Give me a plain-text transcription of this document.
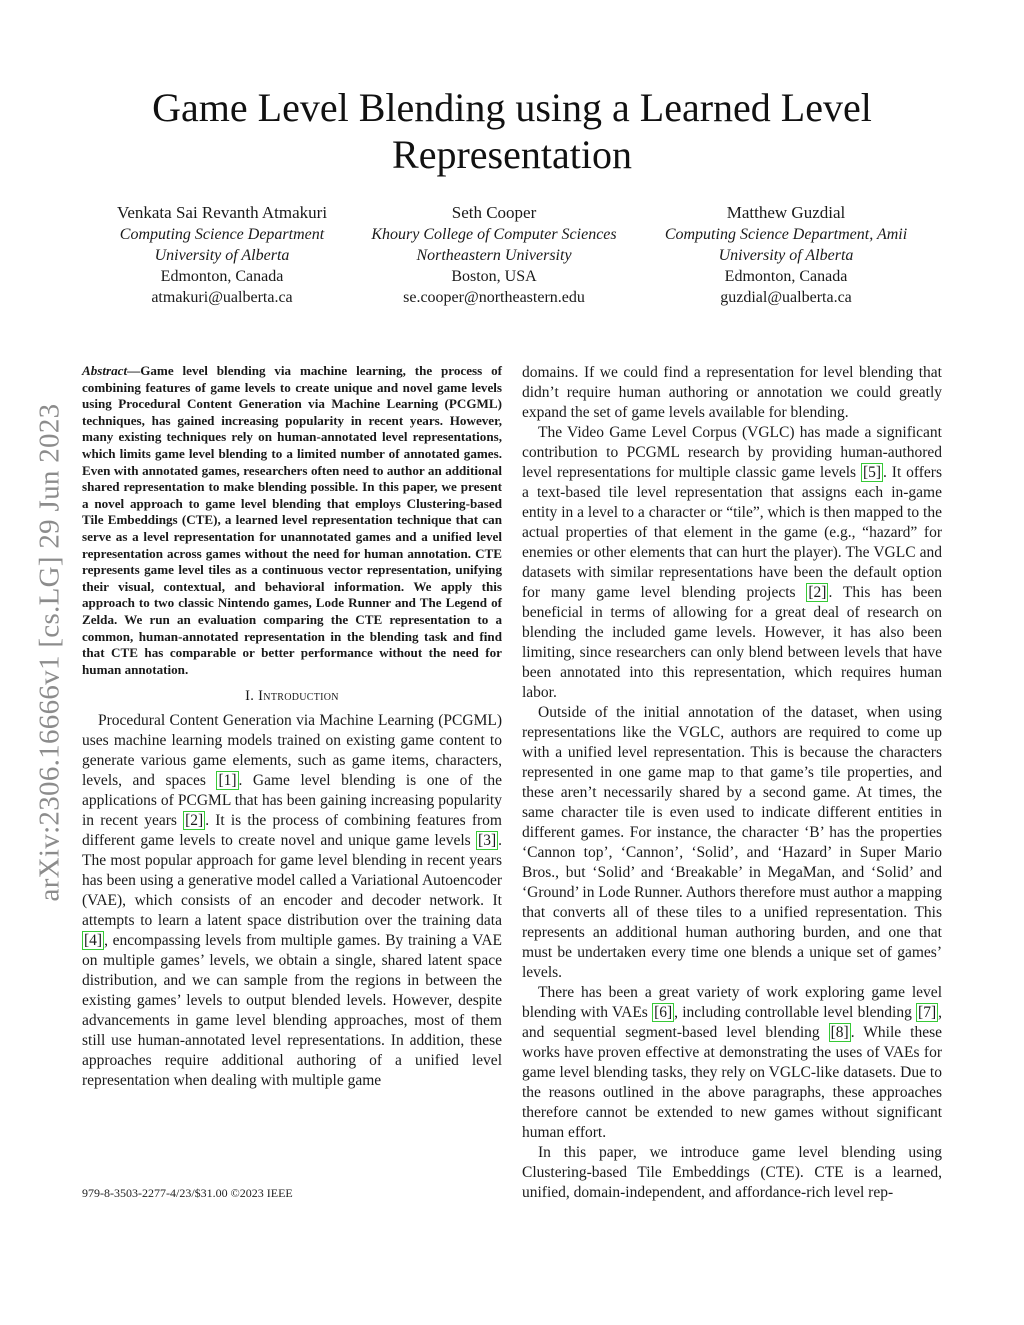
arXiv:2306.16666v1 [cs.LG] 29 Jun 2023
Game Level Blending using a Learned Level Representation
Venkata Sai Revanth Atmakuri
Computing Science Department
University of Alberta
Edmonton, Canada
atmakuri@ualberta.ca
Seth Cooper
Khoury College of Computer Sciences
Northeastern University
Boston, USA
se.cooper@northeastern.edu
Matthew Guzdial
Computing Science Department, Amii
University of Alberta
Edmonton, Canada
guzdial@ualberta.ca

Abstract—Game level blending via machine learning, the process of combining features of game levels to create unique and novel game levels using Procedural Content Generation via Machine Learning (PCGML) techniques, has gained increasing popularity in recent years. However, many existing techniques rely on human-annotated level representations, which limits game level blending to a limited number of annotated games. Even with annotated games, researchers often need to author an additional shared representation to make blending possible. In this paper, we present a novel approach to game level blending that employs Clustering-based Tile Embeddings (CTE), a learned level representation technique that can serve as a level representation for unannotated games and a unified level representation across games without the need for human annotation. CTE represents game level tiles as a continuous vector representation, unifying their visual, contextual, and behavioral information. We apply this approach to two classic Nintendo games, Lode Runner and The Legend of Zelda. We run an evaluation comparing the CTE representation to a common, human-annotated representation in the blending task and find that CTE has comparable or better performance without the need for human annotation.

I. Introduction

Procedural Content Generation via Machine Learning (PCGML) uses machine learning models trained on existing game content to generate various game elements, such as game items, characters, levels, and spaces [1] . Game level blending is one of the applications of PCGML that has been gaining increasing popularity in recent years [2] . It is the process of combining features from different game levels to create novel and unique game levels [3] . The most popular approach for game level blending in recent years has been using a generative model called a Variational Autoencoder (VAE), which consists of an encoder and decoder network. It attempts to learn a latent space distribution over the training data [4] , encompassing levels from multiple games. By training a VAE on multiple games’ levels, we obtain a single, shared latent space distribution, and we can sample from the regions in between the existing games’ levels to output blended levels. However, despite advancements in game level blending approaches, most of them still use human-annotated level representations. In addition, these approaches require additional authoring of a unified level representation when dealing with multiple game

domains. If we could find a representation for level blending that didn’t require human authoring or annotation we could greatly expand the set of game levels available for blending.

The Video Game Level Corpus (VGLC) has made a significant contribution to PCGML research by providing human-authored level representations for multiple classic game levels [5] . It offers a text-based tile level representation that assigns each in-game entity in a level to a character or “tile”, which is then mapped to the actual properties of that element in the game (e.g., “hazard” for enemies or other elements that can hurt the player). The VGLC and datasets with similar representations have been the default option for many game level blending projects [2] . This has been beneficial in terms of allowing for a great deal of research on blending the included game levels. However, it has also been limiting, since researchers can only blend between levels that have been annotated into this representation, which requires human labor.

Outside of the initial annotation of the dataset, when using representations like the VGLC, authors are required to come up with a unified level representation. This is because the characters represented in one game map to that game’s tile properties, and these aren’t necessarily shared by a second game. At times, the same character tile is even used to indicate different entities in different games. For instance, the character ‘B’ has the properties ‘Cannon top’, ‘Cannon’, ‘Solid’, and ‘Hazard’ in Super Mario Bros., but ‘Solid’ and ‘Breakable’ in MegaMan, and ‘Solid’ and ‘Ground’ in Lode Runner. Authors therefore must author a mapping that converts all of these tiles to a unified representation. This represents an additional human authoring burden, and one that must be undertaken every time one blends a unique set of games’ levels.

There has been a great variety of work exploring game level blending with VAEs [6] , including controllable level blending [7] , and sequential segment-based level blending [8] . While these works have proven effective at demonstrating the uses of VAEs for game level blending tasks, they rely on VGLC-like datasets. Due to the reasons outlined in the above paragraphs, these approaches therefore cannot be extended to new games without significant human effort.

In this paper, we introduce game level blending using Clustering-based Tile Embeddings (CTE). CTE is a learned, unified, domain-independent, and affordance-rich level rep-

979-8-3503-2277-4/23/$31.00 ©2023 IEEE
